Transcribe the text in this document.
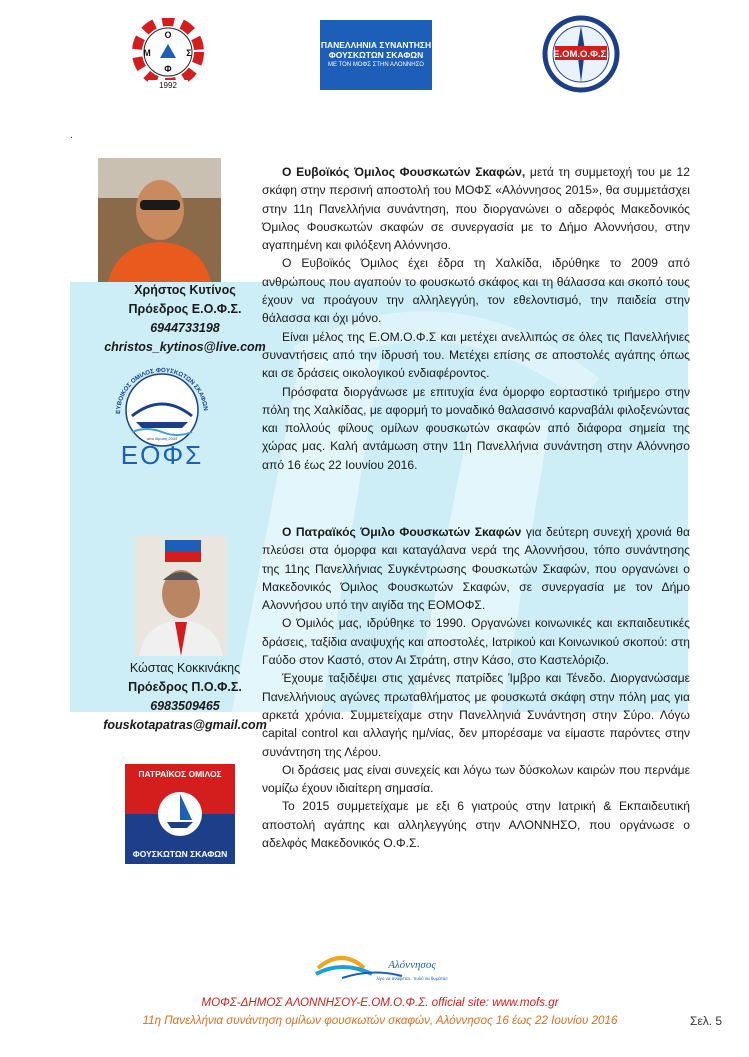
Ο
Μ	Σ
Φ
1992
ΠΑΝΕΛΛΗΝΙΑ ΣΥΝΑΝΤΗΣΗ
ΦΟΥΣΚΩΤΩΝ ΣΚΑΦΩΝ
ΜΕ ΤΟΝ ΜΟΦΣ ΣΤΗΝ ΑΛΟΝΝΗΣΟ
Ε.ΟΜ.Ο.Φ.Σ.
.
Χρήστος Κυτίνος
Πρόεδρος Ε.Ο.Φ.Σ.
6944733198
christos_kytinos@live.com
ΕΥΒΟΙΚΟΣ ΟΜΙΛΟΣ ΦΟΥΣΚΩΤΩΝ ΣΚΑΦΩΝ
από ίδρυση 2009
ΕΟΦΣ

Ο Ευβοϊκός Όμιλος Φουσκωτών Σκαφών, μετά τη συμμετοχή του με 12 σκάφη στην περσινή αποστολή του ΜΟΦΣ «Αλόννησος 2015», θα συμμετάσχει στην 11η Πανελλήνια συνάντηση, που διοργανώνει ο αδερφός Μακεδονικός Όμιλος Φουσκωτών σκαφών σε συνεργασία με το Δήμο Αλοννήσου, στην αγαπημένη και φιλόξενη Αλόννησο.

Ο Ευβοϊκός Όμιλος έχει έδρα τη Χαλκίδα, ιδρύθηκε το 2009 από ανθρώπους που αγαπούν το φουσκωτό σκάφος και τη θάλασσα και σκοπό τους έχουν να προάγουν την αλληλεγγύη, τον εθελοντισμό, την παιδεία στην θάλασσα και όχι μόνο.

Είναι μέλος της Ε.ΟΜ.Ο.Φ.Σ και μετέχει ανελλιπώς σε όλες τις Πανελλήνιες συναντήσεις από την ίδρυσή του. Μετέχει επίσης σε αποστολές αγάπης όπως και σε δράσεις οικολογικού ενδιαφέροντος.

Πρόσφατα διοργάνωσε με επιτυχία ένα όμορφο εορταστικό τριήμερο στην πόλη της Χαλκίδας, με αφορμή το μοναδικό θαλασσινό καρναβάλι φιλοξενώντας και πολλούς φίλους ομίλων φουσκωτών σκαφών από διάφορα σημεία της χώρας μας. Καλή αντάμωση στην 11η Πανελλήνια συνάντηση στην Αλόννησο από 16 έως 22 Ιουνίου 2016.

Κώστας Κοκκινάκης
Πρόεδρος Π.Ο.Φ.Σ.
6983509465
fouskotapatras@gmail.com
ΠΑΤΡΑΪΚΟΣ ΟΜΙΛΟΣ
ΦΟΥΣΚΩΤΩΝ ΣΚΑΦΩΝ

Ο Πατραϊκός Όμιλο Φουσκωτών Σκαφών για δεύτερη συνεχή χρονιά θα πλεύσει στα όμορφα και καταγάλανα νερά της Αλοννήσου, τόπο συνάντησης της 11ης Πανελλήνιας Συγκέντρωσης Φουσκωτών Σκαφών, που οργανώνει ο Μακεδονικός Όμιλος Φουσκωτών Σκαφών, σε συνεργασία με τον Δήμο Αλοννήσου υπό την αιγίδα της ΕΟΜΟΦΣ.

Ο Όμιλός μας, ιδρύθηκε το 1990. Οργανώνει κοινωνικές και εκπαιδευτικές δράσεις, ταξίδια αναψυχής και αποστολές, Ιατρικού και Κοινωνικού σκοπού: στη Γαύδο στον Καστό, στον Αι Στράτη, στην Κάσο, στο Καστελόριζο.

Έχουμε ταξιδέψει στις χαμένες πατρίδες Ίμβρο και Τένεδο. Διοργανώσαμε Πανελλήνιους αγώνες πρωταθλήματος με φουσκωτά σκάφη στην πόλη μας για αρκετά χρόνια. Συμμετείχαμε στην Πανελληνιά Συνάντηση στην Σύρο. Λόγω capital control και αλλαγής ημ/νίας, δεν μπορέσαμε να είμαστε παρόντες στην συνάντηση της Λέρου.

Οι δράσεις μας είναι συνεχείς και λόγω των δύσκολων καιρών που περνάμε νομίζω έχουν ιδιαίτερη σημασία.

Το 2015 συμμετείχαμε με εξι 6 γιατρούς στην Ιατρική & Εκπαιδευτική αποστολή αγάπης και αλληλεγγύης στην ΑΛΟΝΝΗΣΟ, που οργάνωσε ο αδελφός Μακεδονικός Ο.Φ.Σ.

Αλόννησος
λίγο να ανάψεται.. πολύ να θυμάται!
ΜΟΦΣ-ΔΗΜΟΣ ΑΛΟΝΝΗΣΟΥ-Ε.ΟΜ.Ο.Φ.Σ. official site: www.mofs.gr
11η Πανελλήνια συνάντηση ομίλων φουσκωτών σκαφών, Αλόννησος 16 έως 22 Ιουνίου 2016	Σελ. 5
